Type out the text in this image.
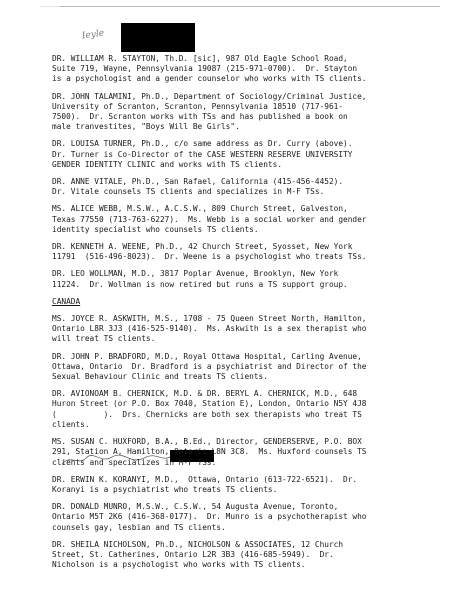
Ieyle

DR. WILLIAM R. STAYTON, Th.D. [sic], 987 Old Eagle School Road,
Suite 719, Wayne, Pennsylvania 19087 (215-971-0700).  Dr. Stayton
is a psychologist and a gender counselor who works with TS clients.

DR. JOHN TALAMINI, Ph.D., Department of Sociology/Criminal Justice,
University of Scranton, Scranton, Pennsylvania 18510 (717-961-
7500).  Dr. Scranton works with TSs and has published a book on
male tranvestites, "Boys Will Be Girls".

DR. LOUISA TURNER, Ph.D., c/o same address as Dr. Curry (above).
Dr. Turner is Co-Director of the CASE WESTERN RESERVE UNIVERSITY
GENDER IDENTITY CLINIC and works with TS clients.

DR. ANNE VITALE, Ph.D., San Rafael, California (415-456-4452).
Dr. Vitale counsels TS clients and specializes in M-F TSs.

MS. ALICE WEBB, M.S.W., A.C.S.W., 809 Church Street, Galveston,
Texas 77550 (713-763-6227).  Ms. Webb is a social worker and gender
identity specialist who counsels TS clients.

DR. KENNETH A. WEENE, Ph.D., 42 Church Street, Syosset, New York
11791  (516-496-8023).  Dr. Weene is a psychologist who treats TSs.

DR. LEO WOLLMAN, M.D., 3817 Poplar Avenue, Brooklyn, New York
11224.  Dr. Wollman is now retired but runs a TS support group.

CANADA

MS. JOYCE R. ASKWITH, M.S., 1708 - 75 Queen Street North, Hamilton,
Ontario L8R 3J3 (416-525-9140).  Ms. Askwith is a sex therapist who
will treat TS clients.

DR. JOHN P. BRADFORD, M.D., Royal Ottawa Hospital, Carling Avenue,
Ottawa, Ontario  Dr. Bradford is a psychiatrist and Director of the
Sexual Behaviour Clinic and treats TS clients.

DR. AVIONOAM B. CHERNICK, M.D. & DR. BERYL A. CHERNICK, M.D., 648
Huron Street (or P.O. Box 7040, Station E), London, Ontario N5Y 4J8
(          ).  Drs. Chernicks are both sex therapists who treat TS
clients.

MS. SUSAN C. HUXFORD, B.A., B.Ed., Director, GENDERSERVE, P.O. BOX
291, Station A, Hamilton, Ontario L8N 3C8.  Ms. Huxford counsels TS
clients and specializes in M-F TSs.

DR. ERWIN K. KORANYI, M.D.,  Ottawa, Ontario (613-722-6521).  Dr.
Koranyi is a psychiatrist who treats TS clients.

DR. DONALD MUNRO, M.S.W., C.S.W., 54 Augusta Avenue, Toronto,
Ontario M5T 2K6 (416-368-0177).  Dr. Munro is a psychotherapist who
counsels gay, lesbian and TS clients.

DR. SHEILA NICHOLSON, Ph.D., NICHOLSON & ASSOCIATES, 12 Church
Street, St. Catherines, Ontario L2R 3B3 (416-685-5949).  Dr.
Nicholson is a psychologist who works with TS clients.
